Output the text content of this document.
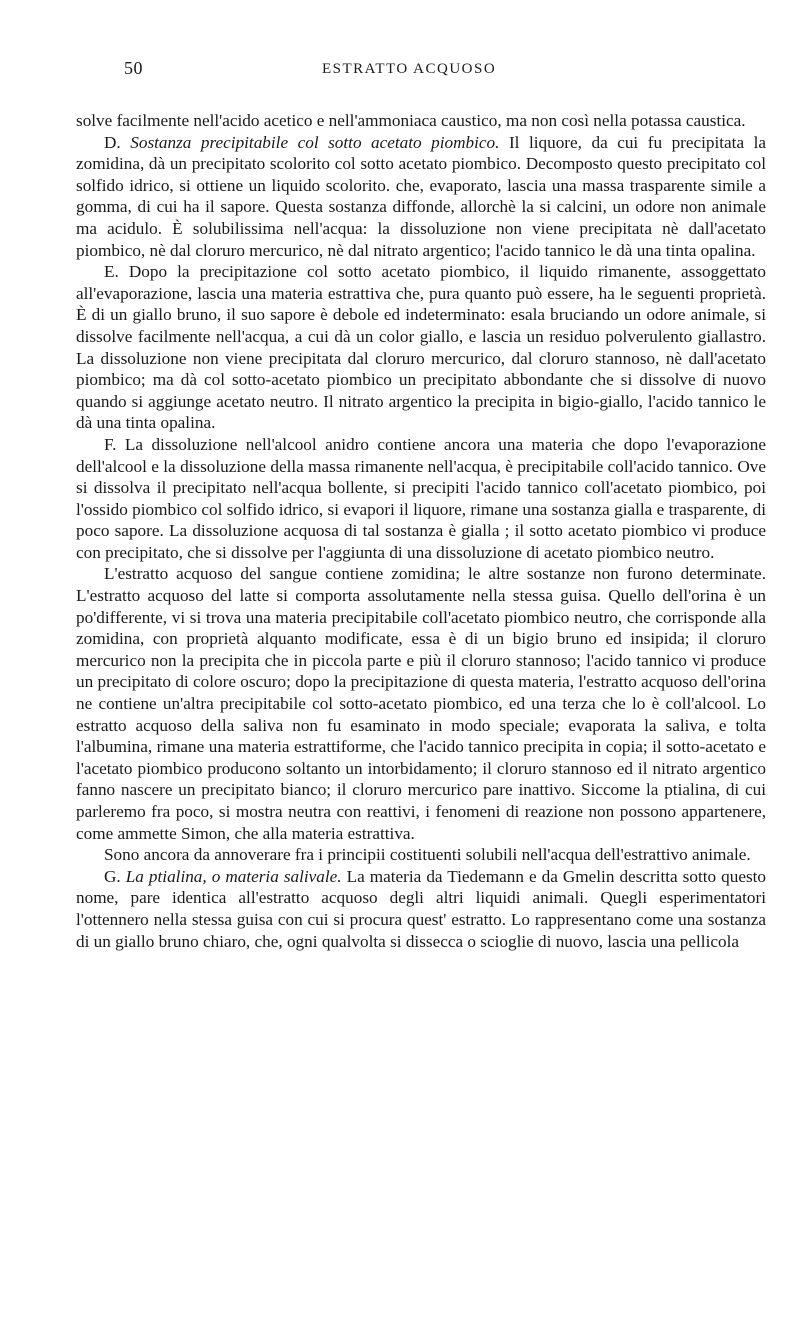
50	ESTRATTO ACQUOSO

solve facilmente nell'acido acetico e nell'ammoniaca caustico, ma non così nella potassa caustica.

D. Sostanza precipitabile col sotto acetato piombico. Il liquore, da cui fu precipitata la zomidina, dà un precipitato scolorito col sotto acetato piombico. Decomposto questo precipitato col solfido idrico, si ottiene un liquido scolorito. che, evaporato, lascia una massa trasparente simile a gomma, di cui ha il sapore. Questa sostanza diffonde, allorchè la si calcini, un odore non animale ma acidulo. È solubilissima nell'acqua: la dissoluzione non viene precipitata nè dall'acetato piombico, nè dal cloruro mercurico, nè dal nitrato argentico; l'acido tannico le dà una tinta opalina.

E. Dopo la precipitazione col sotto acetato piombico, il liquido rimanente, assoggettato all'evaporazione, lascia una materia estrattiva che, pura quanto può essere, ha le seguenti proprietà. È di un giallo bruno, il suo sapore è debole ed indeterminato: esala bruciando un odore animale, si dissolve facilmente nell'acqua, a cui dà un color giallo, e lascia un residuo polverulento giallastro. La dissoluzione non viene precipitata dal cloruro mercurico, dal cloruro stannoso, nè dall'acetato piombico; ma dà col sotto-acetato piombico un precipitato abbondante che si dissolve di nuovo quando si aggiunge acetato neutro. Il nitrato argentico la precipita in bigio-giallo, l'acido tannico le dà una tinta opalina.

F. La dissoluzione nell'alcool anidro contiene ancora una materia che dopo l'evaporazione dell'alcool e la dissoluzione della massa rimanente nell'acqua, è precipitabile coll'acido tannico. Ove si dissolva il precipitato nell'acqua bollente, si precipiti l'acido tannico coll'acetato piombico, poi l'ossido piombico col solfido idrico, si evapori il liquore, rimane una sostanza gialla e trasparente, di poco sapore. La dissoluzione acquosa di tal sostanza è gialla ; il sotto acetato piombico vi produce con precipitato, che si dissolve per l'aggiunta di una dissoluzione di acetato piombico neutro.

L'estratto acquoso del sangue contiene zomidina; le altre sostanze non furono determinate. L'estratto acquoso del latte si comporta assolutamente nella stessa guisa. Quello dell'orina è un po'differente, vi si trova una materia precipitabile coll'acetato piombico neutro, che corrisponde alla zomidina, con proprietà alquanto modificate, essa è di un bigio bruno ed insipida; il cloruro mercurico non la precipita che in piccola parte e più il cloruro stannoso; l'acido tannico vi produce un precipitato di colore oscuro; dopo la precipitazione di questa materia, l'estratto acquoso dell'orina ne contiene un'altra precipitabile col sotto-acetato piombico, ed una terza che lo è coll'alcool. Lo estratto acquoso della saliva non fu esaminato in modo speciale; evaporata la saliva, e tolta l'albumina, rimane una materia estrattiforme, che l'acido tannico precipita in copia; il sotto-acetato e l'acetato piombico producono soltanto un intorbidamento; il cloruro stannoso ed il nitrato argentico fanno nascere un precipitato bianco; il cloruro mercurico pare inattivo. Siccome la ptialina, di cui parleremo fra poco, si mostra neutra con reattivi, i fenomeni di reazione non possono appartenere, come ammette Simon, che alla materia estrattiva.

Sono ancora da annoverare fra i principii costituenti solubili nell'acqua dell'estrattivo animale.

G. La ptialina, o materia salivale. La materia da Tiedemann e da Gmelin descritta sotto questo nome, pare identica all'estratto acquoso degli altri liquidi animali. Quegli esperimentatori l'ottennero nella stessa guisa con cui si procura quest' estratto. Lo rappresentano come una sostanza di un giallo bruno chiaro, che, ogni qualvolta si dissecca o scioglie di nuovo, lascia una pellicola
